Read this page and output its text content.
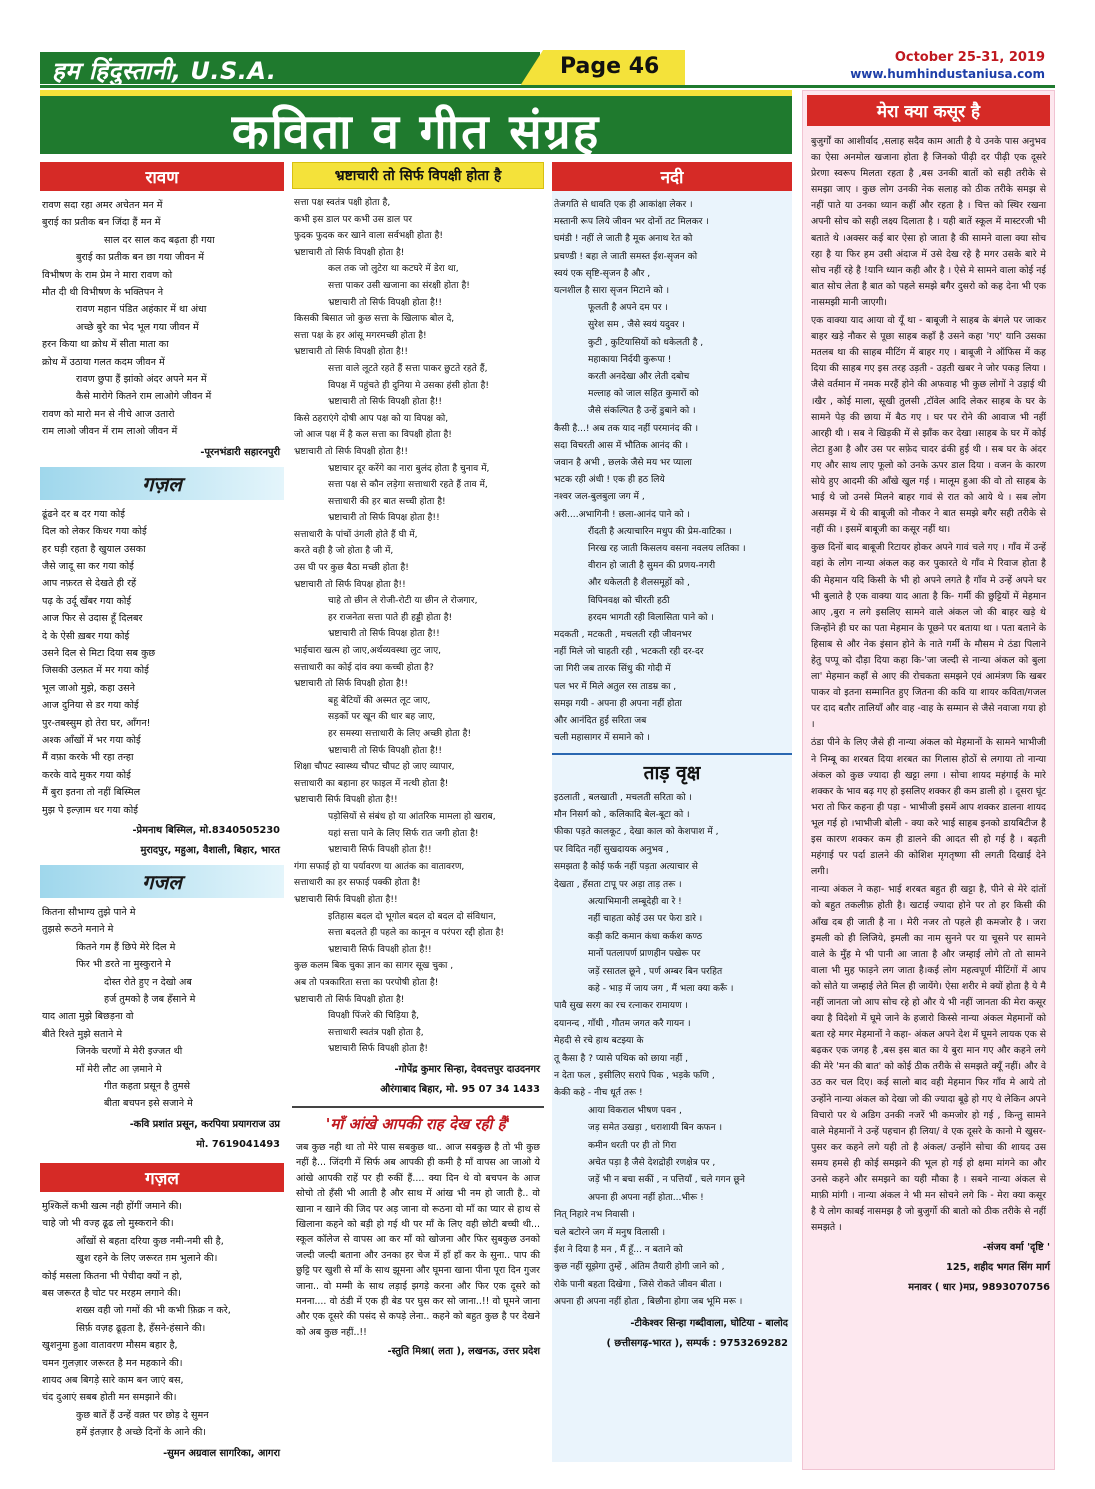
हम हिंदुस्तानी, U.S.A.	Page 46	October 25-31, 2019
www.humhindustaniusa.com
कविता व गीत संग्रह
रावण
रावण सदा रहा अमर अचेतन मन में
बुराई का प्रतीक बन जिंदा हैं मन में
साल दर साल कद बढ़ता ही गया
बुराई का प्रतीक बन छा गया जीवन में
विभीषण के राम प्रेम ने मारा रावण को
मौत दी थी विभीषण के भक्तिपन ने
रावण महान पंडित अहंकार में था अंधा
अच्छे बुरे का भेद भूल गया जीवन में
हरन किया था क्रोध में सीता माता का
क्रोध में उठाया गलत कदम जीवन में
रावण छुपा हैं झांको अंदर अपने मन में
कैसे मारोगे कितने राम लाओगे जीवन में
रावण को मारो मन से नीचे आज उतारो
राम लाओ जीवन में राम लाओ जीवन में
-पूरनभंडारी सहारनपुरी
गज़ल
ढूंढने दर ब दर गया कोई
दिल को लेकर किधर गया कोई
हर घड़ी रहता है खुयाल उसका
जैसे जादू सा कर गया कोई
आप नफ़रत से देखते ही रहें
पढ़ के उर्दू खँबर गया कोई
आज फिर से उदास हूँ दिलबर
दे के ऐसी ख़बर गया कोई
उसने दिल से मिटा दिया सब कुछ
जिसकी उल्फ़त में मर गया कोई
भूल जाओ मुझे, कहा उसने
आज दुनिया से डर गया कोई
पुर-तबस्सुम हो तेरा घर, आँगन!
अश्क आँखों में भर गया कोई
मैं वफ़ा करके भी रहा तन्हा
करके वादे मुकर गया कोई
मैं बुरा इतना तो नहीं बिस्मिल
मुझ पे इल्ज़ाम धर गया कोई
-प्रेमनाथ बिस्मिल, मो.8340505230
मुरादपुर, महुआ, वैशाली, बिहार, भारत
गजल
कितना सौभाग्य तुझे पाने मे
तुझसे रूठने मनाने मे
कितने गम हैं छिपे मेरे दिल मे
फिर भी डरते ना मुस्कुराने मे
दोस्त रोते हुए न देखो अब
हर्ज तुमको है जब हँसाने मे
याद आता मुझे बिछड़ना वो
बीते रिश्ते मुझे सताने मे
जिनके चरणों मे मेरी इज्जत थी
माँ मेरी लौट आ ज़माने मे
गीत कहता प्रसून है तुमसे
बीता बचपन इसे सजाने मे
-कवि प्रशांत प्रसून, करपिया प्रयागराज उप्र
मो. 7619041493
गज़ल
मुश्किलें कभी खत्म नही होंगीं जमाने की।
चाहे जो भी वज्ह ढूढ लो मुस्कराने की।
आँखों से बहता दरिया कुछ नमी-नमी सी है,
खुश रहने के लिए जरूरत ग़म भुलाने की।
कोई मसला कितना भी पेचीदा क्यों न हो,
बस जरूरत है चोट पर मरहम लगाने की।
शख्स वही जो गमों की भी कभी फ़िक्र न करे,
सिर्फ़ वज़ह ढूढ़ता है, हँसने-हंसाने की।
खुशनुमा हुआ वातावरण मौसम बहार है,
चमन गुलज़ार जरूरत है मन महकाने की।
शायद अब बिगड़े सारे काम बन जाएं बस,
चंद दुआएं सबब होती मन समझाने की।
कुछ बातें हैं उन्हें वक़्त पर छोड़ दे सुमन
हमें इंतज़ार है अच्छे दिनों के आने की।
-सुमन अग्रवाल सागरिका, आगरा
भ्रष्टाचारी तो सिर्फ विपक्षी होता है
सत्ता पक्ष स्वतंत्र पक्षी होता है,
कभी इस डाल पर कभी उस डाल पर
फुदक फुदक कर खाने वाला सर्वभक्षी होता है!
भ्रष्टाचारी तो सिर्फ विपक्षी होता है!
कल तक जो लुटेरा था कटघरे में डेरा था,
सत्ता पाकर उसी खजाना का संरक्षी होता है!
भ्रष्टाचारी तो सिर्फ विपक्षी होता है!!
किसकी बिसात जो कुछ सत्ता के खिलाफ बोल दे,
सत्ता पक्ष के हर आंसू मगरमच्छी होता है!
भ्रष्टाचारी तो सिर्फ विपक्षी होता है!!
सत्ता वाले लूटते रहते हैं सत्ता पाकर छुटते रहते हैं,
विपक्ष में पहुंचते ही दुनिया मे उसका हंसी होता है!
भ्रष्टाचारी तो सिर्फ विपक्षी होता है!!
किसे ठहराएंगे दोषी आप पक्ष को या विपक्ष को,
जो आज पक्ष में है कल सत्ता का विपक्षी होता है!
भ्रष्टाचारी तो सिर्फ विपक्षी होता है!!
भ्रष्टाचार दूर करेंगे का नारा बुलंद होता है चुनाव में,
सत्ता पक्ष से कौन लड़ेगा सत्ताधारी रहते हैं ताव में,
सत्ताधारी की हर बात सच्ची होता है!
भ्रष्टाचारी तो सिर्फ विपक्ष होता है!!
सत्ताधारी के पांचों उंगली होते हैं घी में,
करते वही है जो होता है जी में,
उस घी पर कुछ बैठा मच्छी होता है!
भ्रष्टाचारी तो सिर्फ विपक्ष होता है!!
चाहे तो छीन ले रोजी-रोटी या छीन ले रोजगार,
हर राजनेता सत्ता पाते ही हड्डी होता है!
भ्रष्टाचारी तो सिर्फ विपक्ष होता है!!
भाईचारा खत्म हो जाए,अर्थव्यवस्था लुट जाए,
सत्ताधारी का कोई दांव क्या कच्ची होता है?
भ्रष्टाचारी तो सिर्फ विपक्षी होता है!!
बहू बेटियों की अस्मत लूट जाए,
सड़कों पर खून की धार बह जाए,
हर समस्या सत्ताधारी के लिए अच्छी होता है!
भ्रष्टाचारी तो सिर्फ विपक्षी होता है!!
शिक्षा चौपट स्वास्थ्य चौपट चौपट हो जाए व्यापार,
सत्ताधारी का बहाना हर फाइल में नत्थी होता है!
भ्रष्टाचारी सिर्फ विपक्षी होता है!!
पड़ोसियों से संबंध हो या आंतरिक मामला हो खराब,
यहां सत्ता पाने के लिए सिर्फ रात जगी होता है!
भ्रष्टाचारी सिर्फ विपक्षी होता है!!
गंगा सफाई हो या पर्यावरण या आतंक का वातावरण,
सत्ताधारी का हर सफाई पक्की होता है!
भ्रष्टाचारी सिर्फ विपक्षी होता है!!
इतिहास बदल दो भूगोल बदल दो बदल दो संविधान,
सत्ता बदलते ही पहले का कानून व परंपरा रद्दी होता है!
भ्रष्टाचारी सिर्फ विपक्षी होता है!!
कुछ कलम बिक चुका ज्ञान का सागर सूख चुका ,
अब तो पत्रकारिता सत्ता का परपोषी होता है!
भ्रष्टाचारी तो सिर्फ विपक्षी होता है!
विपक्षी पिंजरे की चिड़िया है,
सत्ताधारी स्वतंत्र पक्षी होता है,
भ्रष्टाचारी सिर्फ विपक्षी होता है!
-गोपेंद्र कुमार सिन्हा, देवदत्तपुर दाउदनगर
औरंगाबाद बिहार, मो. 95 07 34 1433
'माँ आंखे आपकी राह देख रही हैं'
जब कुछ नही था तो मेरे पास सबकुछ था.. आज सबकुछ है तो भी कुछ नहीं है... जिंदगी में सिर्फ अब आपकी ही कमी है माँ वापस आ जाओ ये आंखे आपकी राहें पर ही रुकीं हैं.... क्या दिन थे वो बचपन के आज सोचो तो हँसी भी आती है और साथ में आंख भी नम हो जाती है.. वो खाना न खाने की जिद पर अड़ जाना वो रूठना वो माँ का प्यार से हाथ से खिलाना कहने को बड़ी हो गई थी पर माँ के लिए वही छोटी बच्ची थी... स्कूल कॉलेज से वापस आ कर माँ को खोजना और फिर सुबकुछ उनको जल्दी जल्दी बताना और उनका हर चेज में हाँ हाँ कर के सुना.. पाप की छुट्टि पर खुशी से माँ के साथ झूमना और घूमना खाना पीना पूरा दिन गुजर जाना.. वो मम्मी के साथ लड़ाई झगड़े करना और फिर एक दूसरे को मनना.... वो ठंडी में एक ही बेड पर घुस कर सो जाना..!! वो घूमने जाना और एक दूसरे की पसंद से कपड़े लेना.. कहने को बहुत कुछ है पर देखने को अब कुछ नहीं..!!
-स्तुति मिश्रा( लता ), लखनऊ, उत्तर प्रदेश
नदी
तेजगति से धावति एक ही आकांक्षा लेकर ।
मस्तानी रूप लिये जीवन भर दोनों तट मिलकर ।
घमंडी ! नहीं ले जाती है मूक अनाथ रेत को
प्रचण्डी ! बहा ले जाती समस्त ईश-सृजन को
स्वयं एक सृष्टि-सृजन है और ,
यत्नशील है सारा सृजन मिटाने को ।
फूलती है अपने दम पर ।
सुरेश सम , जैसे स्वयं यदुवर ।
कुटी , कुटियासियों को धकेलती है ,
महाकाया निर्दयी कुरूपा !
करती अनदेखा और लेती दबोच
मल्लाह को जाल सहित कुमारों को
जैसे संकल्पित है उन्हें डुबाने को ।
कैसी है...! अब तक याद नहीं परमानंद की ।
सदा विचरती आस में भौतिक आनंद की ।
जवान है अभी , छलके जैसे मय भर प्याला
भटक रही अंधी ! एक ही हठ लिये
नश्वर जल-बुलबुला जग में ,
अरी....अभागिनी ! छला-आनंद पाने को ।
रौंदती है अत्याचारिन मधुप की प्रेम-वाटिका ।
निरख रह जाती किसलय वसना नवलय लतिका ।
वीरान हो जाती है सुमन की प्रणय-नगरी
और धकेलती है शैलसमूहों को ,
विपिनवक्ष को चीरती हठी
हरदम भागती रही विलासिता पाने को ।
मदकती , मटकती , मचलती रही जीवनभर
नहीं मिले जो चाहती रही , भटकती रही दर-दर
जा गिरी जब तारक सिंधु की गोदी में
पल भर में मिले अतुल रस ताडम्र का ,
समझ गयी - अपना ही अपना नहीं होता
और आनंदित हुई सरिता जब
चली महासागर में समाने को ।
ताड़ वृक्ष
इठलाती , बलखाती , मचलती सरिता को ।
मौन निसर्ग को , कलिकादि बेल-बूटा को ।
फीका पड़ते कालकूट , देखा काल को केशपाश में ,
पर विदित नहीं सुखदायक अनुभव ,
समझता है कोई फर्क नहीं पड़ता अत्याचार से
देखता , हँसता टापू पर अड़ा ताड़ तरू ।
अत्याभिमानी लम्बूदेही वा रे !
नहीं चाहता कोई उस पर फेरा डारे ।
कड़ी कटि कमान कंधा कर्कश कण्ठ
मानों पतलापर्ण प्राणहीन पखेरू पर
जड़ें रसातल छूने , पर्ण अम्बर बिन परहित
कहे - भाड़ में जाय जग , मैं भला क्या करूँ ।
पावै सुख सरग का रच रत्नाकर रामायण ।
दयानन्द , गाँधी , गौतम जगत करै गायन ।
मेहदी से रचे हाथ बटझ्या के
तू कैसा है ? प्यासे पथिक को छाया नहीं ,
न देता फल , इसीलिए सरापे पिक , भड़के फणि ,
केकी कहे - नीच धूर्त तरू !
आया विकराल भीषण पवन ,
जड़ समेत उखड़ा , धराशायी बिन कफन ।
कमीन धरती पर ही तो गिरा
अचेत पड़ा है जैसे देशद्रोही रणक्षेत्र पर ,
जड़ें भी न बचा सकीं , न पत्तियाँ , चले गगन छूने
अपना ही अपना नहीं होता...भीरू !
नित् निहारे नभ निवासी ।
चले बटोरने जग में मनुष विलासी ।
ईश ने दिया है मन , मैं हूँ... न बताने को
कुछ नहीं सूझेगा तुम्हें , अंतिम तैयारी होगी जाने को ,
रोके पानी बहता दिखेगा , जिसे रोकते जीवन बीता ।
अपना ही अपना नहीं होता , बिछौना होगा जब भूमि मरू ।
-टीकेश्वर सिन्हा गब्दीवाला, घोटिया - बालोद
( छत्तीसगढ़-भारत ), सम्पर्क : 9753269282
मेरा क्या कसूर है

बुजुर्गों का आशीर्वाद ,सलाह सदैव काम आती है ये उनके पास अनुभव का ऐसा अनमोल खजाना होता है जिनको पीढ़ी दर पीढ़ी एक दूसरे प्रेरणा स्वरूप मिलता रहता है ,बस उनकी बातों को सही तरीके से समझा जाए । कुछ लोग उनकी नेक सलाह को ठीक तरीके समझ से नहीं पाते या उनका ध्यान कहीं और रहता है । चित्त को स्थिर रखना अपनी सोच को सही लक्ष्य दिलाता है । यही बातें स्कूल में मास्टरजी भी बताते थे ।अक्सर कई बार ऐसा हो जाता है की सामने वाला क्या सोच रहा है या फिर हम उसी अंदाज में उसे देख रहे है मगर उसके बारे मे सोच नहीं रहे है !यानि ध्यान कही और है । ऐसे मे सामने वाला कोई नई बात सोच लेता है बात को पहले समझे बगैर दुसरो को कह देना भी एक नासमझी मानी जाएगी।

एक वाक्या याद आया वो यूँ था - बाबूजी ने साहब के बंगले पर जाकर बाहर खड़े नौकर से पूछा साहब कहाँ है उसने कहा 'गए' यानि उसका मतलब था की साहब मीटिंग में बाहर गए । बाबूजी ने ऑफिस में कह दिया की साहब गए इस तरह उड़ती - उड़ती खबर ने जोर पकड़ लिया ।जैसे वर्तमान में नमक मरहैं होने की अफवाह भी कुछ लोगों ने उड़ाई थी ।खैर , कोई माला, सूखी तुलसी ,टॉवेल आदि लेकर साहब के घर के सामने पेड़ की छाया में बैठ गए । घर पर रोने की आवाज भी नहीं आरही थी । सब ने खिड़की में से झाँक कर देखा ।साहब के घर में कोई लेटा हुआ है और उस पर सफ़ेद चादर ढंकी हुई थी । सब घर के अंदर गए और साथ लाए फूलो को उनके ऊपर डाल दिया । वजन के कारण सोये हुए आदमी की आँखे खुल गई । मालूम हुआ की वो तो साहब के भाई थे जो उनसे मिलने बाहर गावं से रात को आये थे । सब लोग असमझ में थे की बाबूजी को नौकर ने बात समझे बगैर सही तरीके से नहीं की । इसमें बाबूजी का कसूर नहीं था।

कुछ दिनों बाद बाबूजी रिटायर होकर अपने गावं चले गए । गाँव में उन्हें वहां के लोग नान्या अंकल कह कर पुकारते थे गाँव मे रिवाज होता है की मेहमान यदि किसी के भी हो अपने लगते है गाँव मे उन्हें अपने घर भी बुलाते है एक वाक्या याद आता है कि- गर्मी की छुट्टियों में मेहमान आए ,बुरा न लगे इसलिए सामने वाले अंकल जो की बाहर खड़े थे जिन्होंने ही घर का पता मेहमान के पूछने पर बताया था । पता बताने के हिसाब से और नेक इंसान होने के नाते गर्मी के मौसम मे ठंडा पिलाने हेतु पप्पू को दौड़ा दिया कहा कि-'जा जल्दी से नान्या अंकल को बुला ला' मेहमान कहाँ से आए की रोचकता समझने एवं आमंत्रण कि खबर पाकर वो इतना सम्मानित हुए जितना की कवि या शायर कविता/गजल पर दाद बतौर तालियाँ और वाह -वाह के सम्मान से जैसे नवाजा गया हो ।

ठंडा पीने के लिए जैसे ही नान्या अंकल को मेहमानों के सामने भाभीजी ने निम्बू का शरबत दिया शरबत का गिलास होठों से लगाया तो नान्या अंकल को कुछ ज्यादा ही खट्टा लगा । सोचा शायद महंगाई के मारे शक्कर के भाव बढ़ गए हो इसलिए शक्कर ही कम डाली हो । दूसरा घूंट भरा तो फिर कहना ही पड़ा - भाभीजी इसमें आप शक्कर डालना शायद भूल गई हो ।भाभीजी बोली - क्या करे भाई साहब इनको डायबिटीज है इस कारण शक्कर कम ही डालने की आदत सी हो गई है । बढ़ती महंगाई पर पर्दा डालने की कोशिश मृगतृष्णा सी लगती दिखाई देने लगी।

नान्या अंकल ने कहा- भाई शरबत बहुत ही खट्टा है, पीने से मेरे दांतों को बहुत तकलीफ़ होती है। खटाई ज्यादा होने पर तो हर किसी की आँख दब ही जाती है ना । मेरी नजर तो पहले ही कमजोर है । जरा इमली को ही लिजिये, इमली का नाम सुनने पर या चूसने पर सामने वाले के मुँह मे भी पानी आ जाता है और जम्हाई लोगे तो तो सामने वाला भी मुह फाड़ने लग जाता है।कई लोग महत्वपूर्ण मीटिंगों में आप को सोते या जम्हाई लेते मिल ही जायेंगे। ऐसा शरीर मे क्यों होता है ये मै नहीं जानता जो आप सोच रहे हो और ये भी नहीं जानता की मेरा कसूर क्या है विदेशो में घूमे जाने के हजारो किस्से नान्या अंकल मेहमानों को बता रहे मगर मेहमानों ने कहा- अंकल अपने देश में घूमने लायक एक से बढ़कर एक जगह है ,बस इस बात का ये बुरा मान गए और कहने लगे की मेरे 'मन की बात' को कोई ठीक तरीके से समझते क्यूँ नहीं। और वे उठ कर चल दिए। कई सालो बाद वही मेहमान फिर गाँव मे आये तो उन्होंने नान्या अंकल को देखा जो की ज्यादा बूढ़े हो गए थे लेकिन अपने विचारो पर थे अडिग उनकी नजरें भी कमजोर हो गई , किन्तु सामने वाले मेहमानों ने उन्हें पहचान ही लिया/ वे एक दूसरे के कानो मे खुसर-पुसर कर कहने लगे यही तो है अंकल/ उन्होंने सोचा की शायद उस समय हमसे ही कोई समझने की भूल हो गई हो क्षमा मांगने का और उनसे कहने और समझने का यही मौका है । सबने नान्या अंकल से माफ़ी मांगी । नान्या अंकल ने भी मन सोचने लगे कि - मेरा क्या कसूर है ये लोग काबई नासमझ है जो बुजुर्गो की बातो को ठीक तरीके से नहीं समझते ।

-संजय वर्मा 'दृष्टि '
125, शहीद भगत सिंग मार्ग
मनावर ( धार )मप्र, 9893070756
